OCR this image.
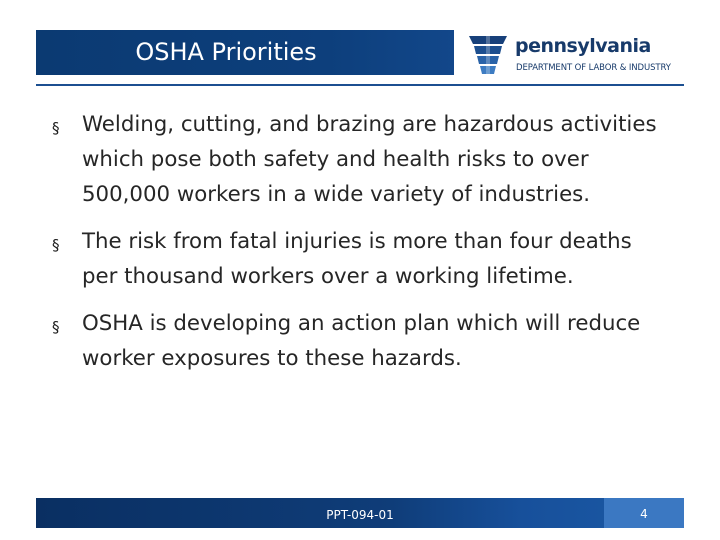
OSHA Priorities	pennsylvania
DEPARTMENT OF LABOR & INDUSTRY
§ Welding, cutting, and brazing are hazardous activities which pose both safety and health risks to over 500,000 workers in a wide variety of industries.
§ The risk from fatal injuries is more than four deaths per thousand workers over a working lifetime.
§ OSHA is developing an action plan which will reduce worker exposures to these hazards.
PPT-094-01	4
